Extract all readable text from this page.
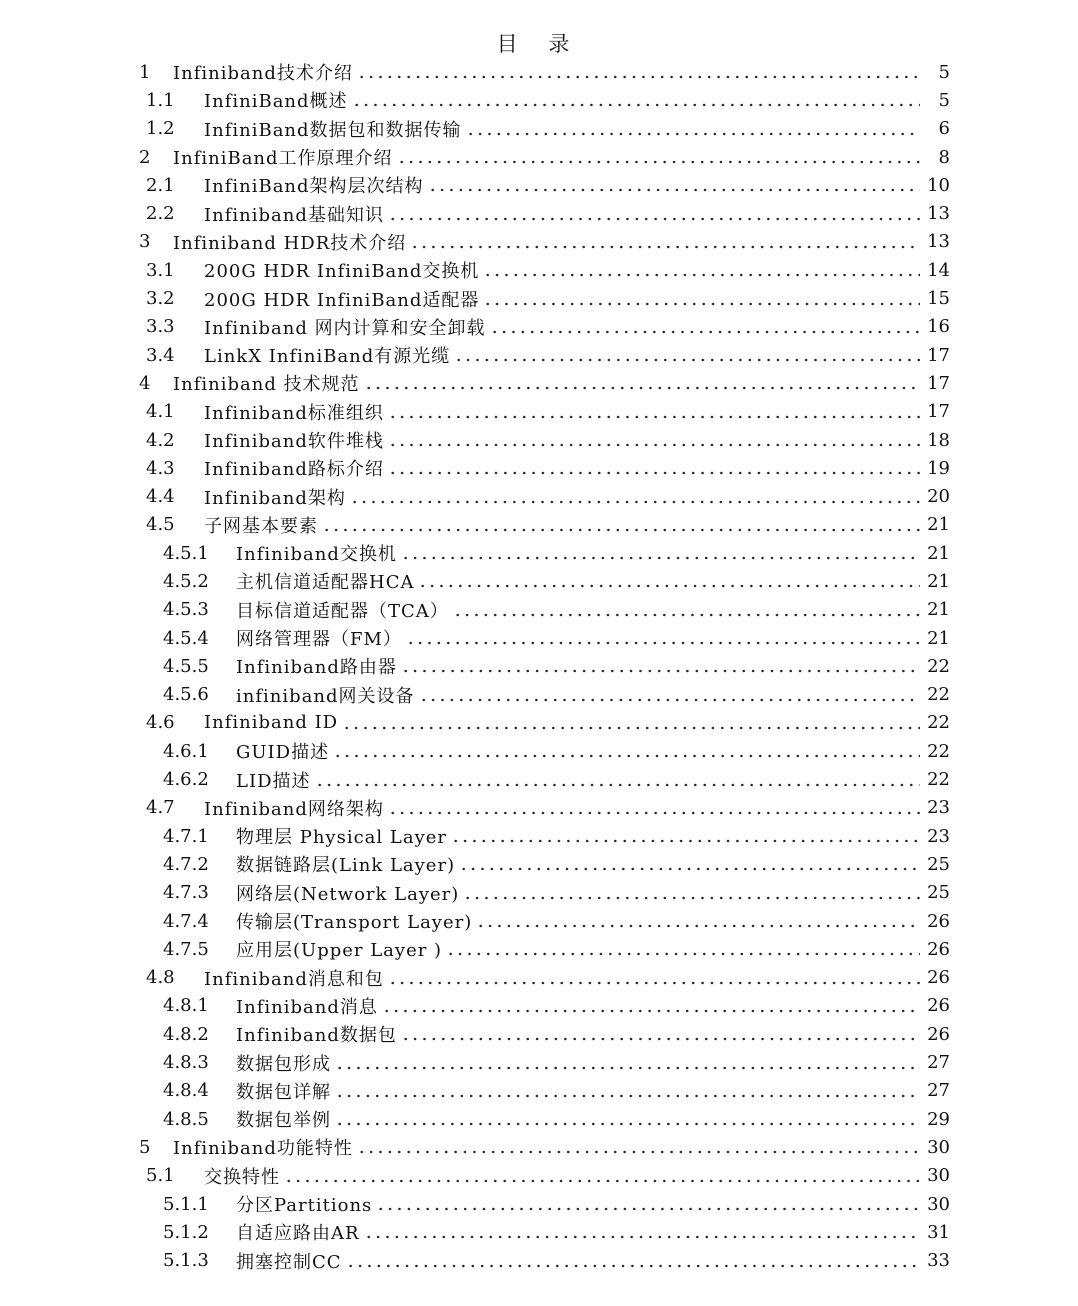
目 录
1	Infiniband技术介绍	5
1.1	InfiniBand概述	5
1.2	InfiniBand数据包和数据传输	6
2	InfiniBand工作原理介绍	8
2.1	InfiniBand架构层次结构	10
2.2	Infiniband基础知识	13
3	Infiniband HDR技术介绍	13
3.1	200G HDR InfiniBand交换机	14
3.2	200G HDR InfiniBand适配器	15
3.3	Infiniband 网内计算和安全卸载	16
3.4	LinkX InfiniBand有源光缆	17
4	Infiniband 技术规范	17
4.1	Infiniband标准组织	17
4.2	Infiniband软件堆栈	18
4.3	Infiniband路标介绍	19
4.4	Infiniband架构	20
4.5	子网基本要素	21
4.5.1	Infiniband交换机	21
4.5.2	主机信道适配器HCA	21
4.5.3	目标信道适配器（TCA）	21
4.5.4	网络管理器（FM）	21
4.5.5	Infiniband路由器	22
4.5.6	infiniband网关设备	22
4.6	Infiniband ID	22
4.6.1	GUID描述	22
4.6.2	LID描述	22
4.7	Infiniband网络架构	23
4.7.1	物理层 Physical Layer	23
4.7.2	数据链路层(Link Layer)	25
4.7.3	网络层(Network Layer)	25
4.7.4	传输层(Transport Layer)	26
4.7.5	应用层(Upper Layer )	26
4.8	Infiniband消息和包	26
4.8.1	Infiniband消息	26
4.8.2	Infiniband数据包	26
4.8.3	数据包形成	27
4.8.4	数据包详解	27
4.8.5	数据包举例	29
5	Infiniband功能特性	30
5.1	交换特性	30
5.1.1	分区Partitions	30
5.1.2	自适应路由AR	31
5.1.3	拥塞控制CC	33
